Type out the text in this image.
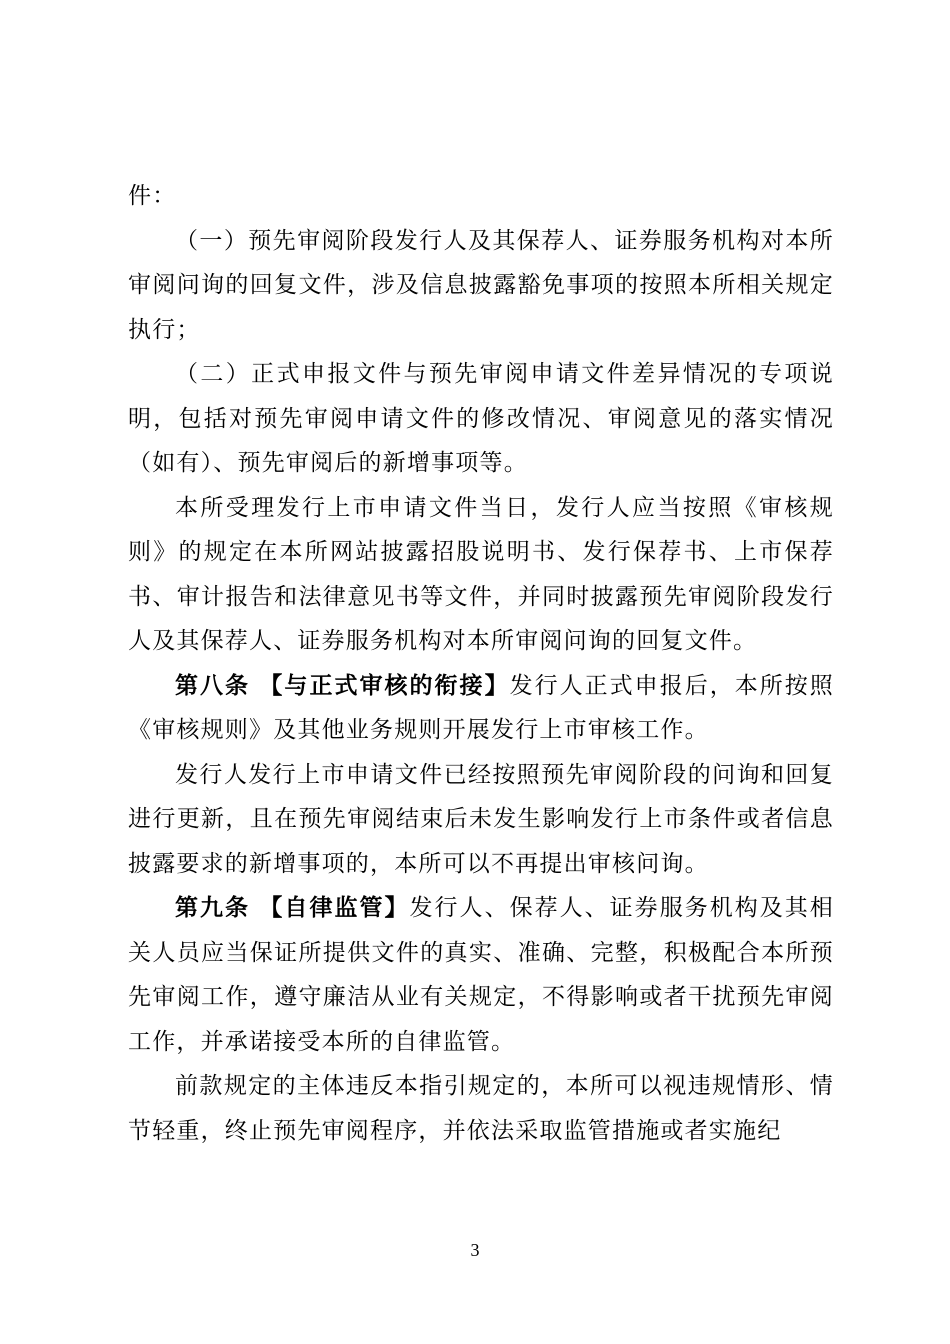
件：

（一）预先审阅阶段发行人及其保荐人、证券服务机构对本所审阅问询的回复文件，涉及信息披露豁免事项的按照本所相关规定执行；

（二）正式申报文件与预先审阅申请文件差异情况的专项说明，包括对预先审阅申请文件的修改情况、审阅意见的落实情况（如有）、预先审阅后的新增事项等。

本所受理发行上市申请文件当日，发行人应当按照《审核规则》的规定在本所网站披露招股说明书、发行保荐书、上市保荐书、审计报告和法律意见书等文件，并同时披露预先审阅阶段发行人及其保荐人、证券服务机构对本所审阅问询的回复文件。

第八条 【与正式审核的衔接】发行人正式申报后，本所按照《审核规则》及其他业务规则开展发行上市审核工作。

发行人发行上市申请文件已经按照预先审阅阶段的问询和回复进行更新，且在预先审阅结束后未发生影响发行上市条件或者信息披露要求的新增事项的，本所可以不再提出审核问询。

第九条 【自律监管】发行人、保荐人、证券服务机构及其相关人员应当保证所提供文件的真实、准确、完整，积极配合本所预先审阅工作，遵守廉洁从业有关规定，不得影响或者干扰预先审阅工作，并承诺接受本所的自律监管。

前款规定的主体违反本指引规定的，本所可以视违规情形、情节轻重，终止预先审阅程序，并依法采取监管措施或者实施纪

3
